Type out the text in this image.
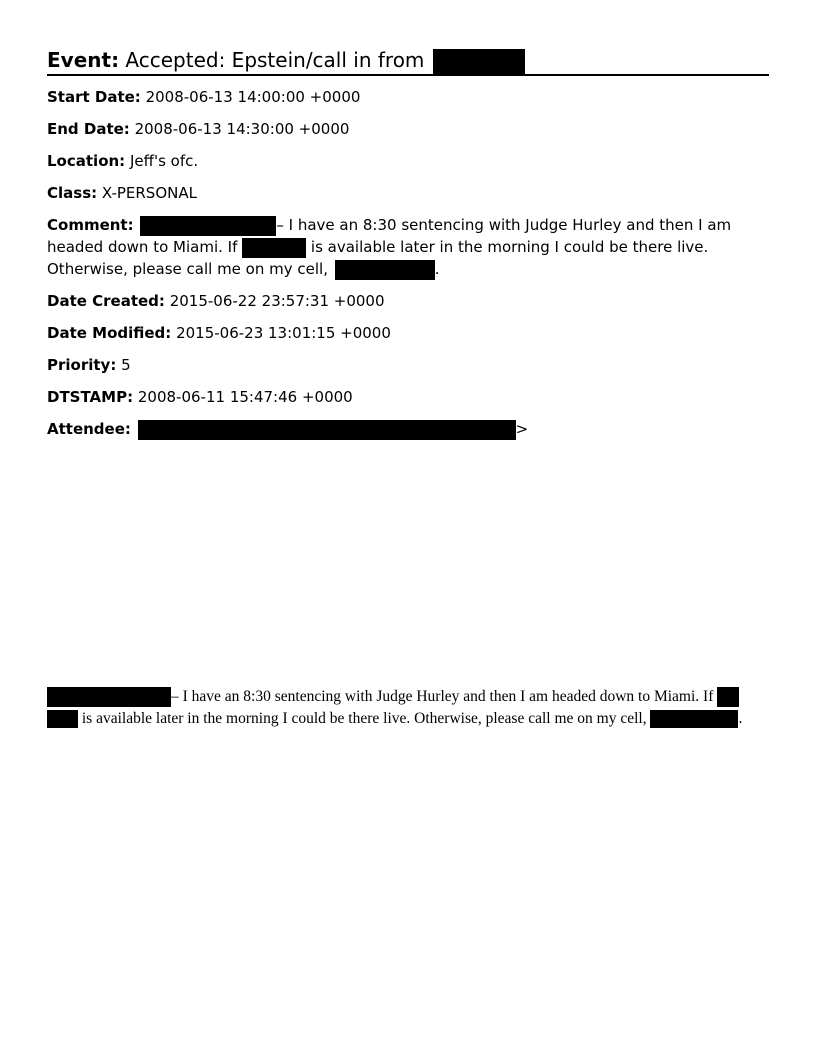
Event: Accepted: Epstein/call in from
Start Date: 2008-06-13 14:00:00 +0000
End Date: 2008-06-13 14:30:00 +0000
Location: Jeff's ofc.
Class: X-PERSONAL
Comment:	– I have an 8:30 sentencing with Judge Hurley and then I am
headed down to Miami. If	is available later in the morning I could be there live.
Otherwise, please call me on my cell,	.
Date Created: 2015-06-22 23:57:31 +0000
Date Modified: 2015-06-23 13:01:15 +0000
Priority: 5
DTSTAMP: 2008-06-11 15:47:46 +0000
Attendee:	>
– I have an 8:30 sentencing with Judge Hurley and then I am headed down to Miami. If
is available later in the morning I could be there live. Otherwise, please call me on my cell,	.
